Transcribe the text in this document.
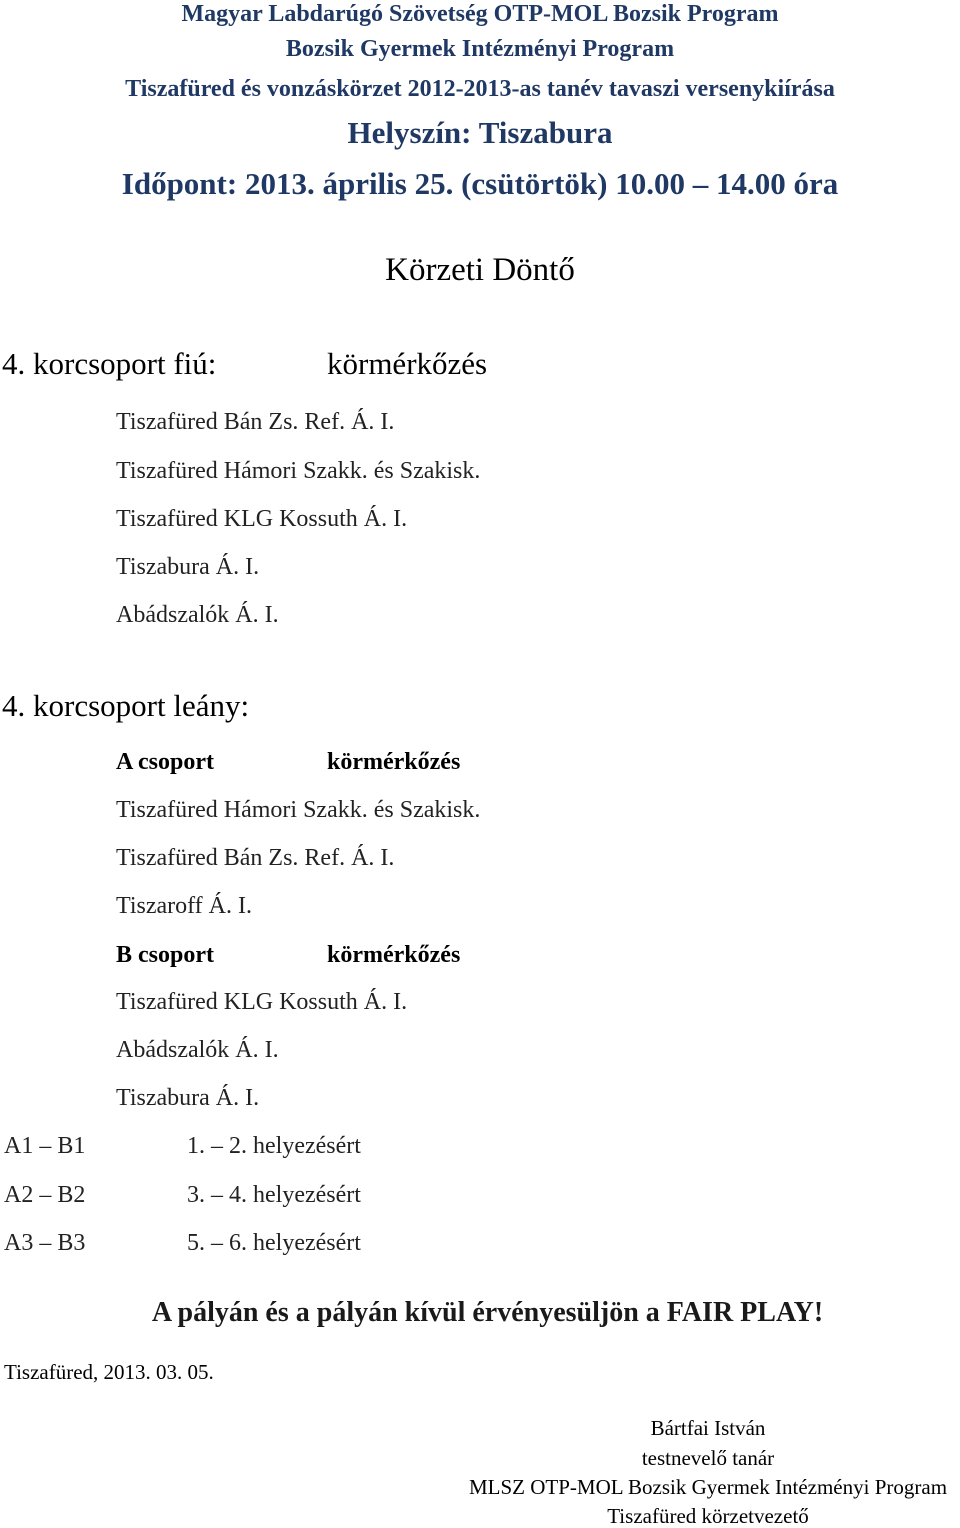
Magyar Labdarúgó Szövetség OTP-MOL Bozsik Program
Bozsik Gyermek Intézményi Program
Tiszafüred és vonzáskörzet 2012-2013-as tanév tavaszi versenykiírása
Helyszín: Tiszabura
Időpont: 2013. április 25. (csütörtök) 10.00 – 14.00 óra
Körzeti Döntő
4. korcsoport fiú:	körmérkőzés
Tiszafüred Bán Zs. Ref. Á. I.
Tiszafüred Hámori Szakk. és Szakisk.
Tiszafüred KLG Kossuth Á. I.
Tiszabura Á. I.
Abádszalók Á. I.
4. korcsoport leány:
A csoport	körmérkőzés
Tiszafüred Hámori Szakk. és Szakisk.
Tiszafüred Bán Zs. Ref. Á. I.
Tiszaroff Á. I.
B csoport	körmérkőzés
Tiszafüred KLG Kossuth Á. I.
Abádszalók Á. I.
Tiszabura Á. I.
A1 – B1	1. – 2. helyezésért
A2 – B2	3. – 4. helyezésért
A3 – B3	5. – 6. helyezésért
A pályán és a pályán kívül érvényesüljön a FAIR PLAY!
Tiszafüred, 2013. 03. 05.
Bártfai István
testnevelő tanár
MLSZ OTP-MOL Bozsik Gyermek Intézményi Program
Tiszafüred körzetvezető
